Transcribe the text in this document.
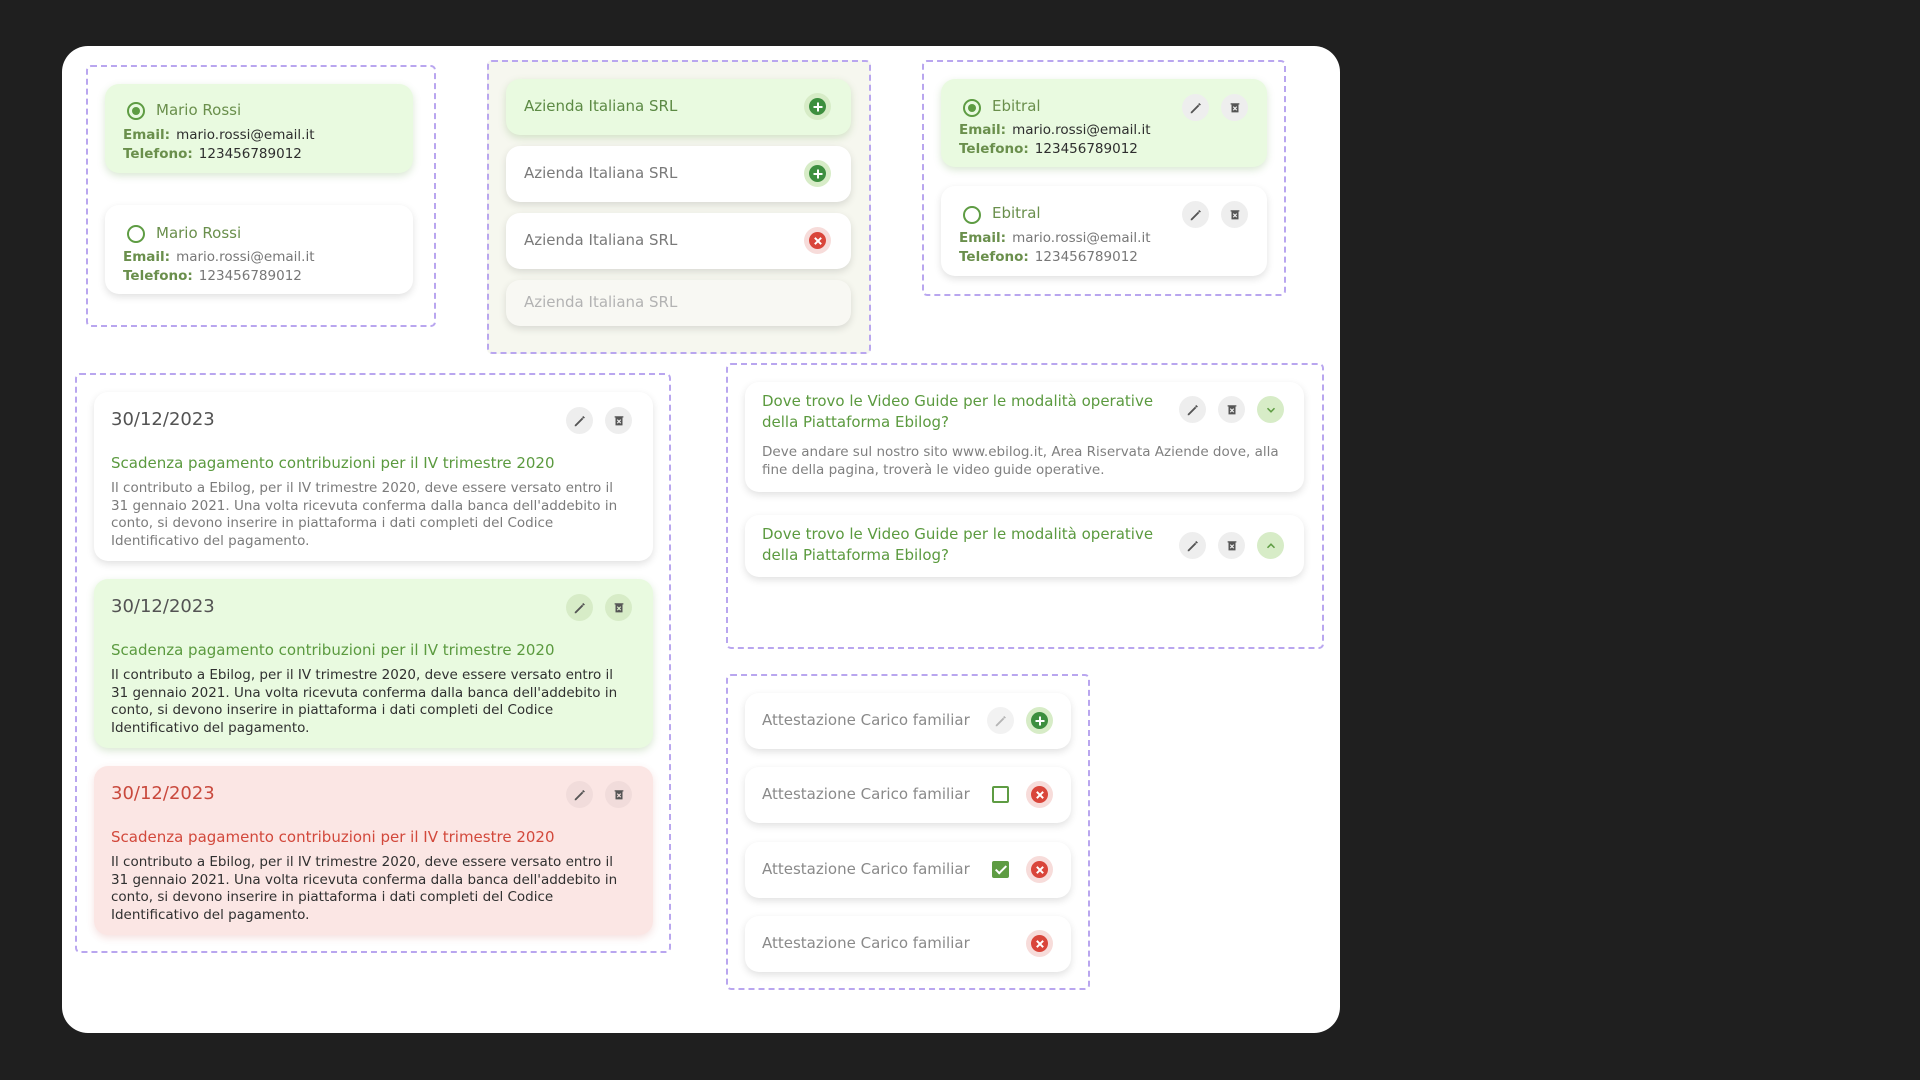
Mario Rossi
Email: mario.rossi@email.it
Telefono: 123456789012
Mario Rossi
Email: mario.rossi@email.it
Telefono: 123456789012
Azienda Italiana SRL
Azienda Italiana SRL
Azienda Italiana SRL
Azienda Italiana SRL
Ebitral
Email: mario.rossi@email.it
Telefono: 123456789012
Ebitral
Email: mario.rossi@email.it
Telefono: 123456789012
30/12/2023
Scadenza pagamento contribuzioni per il IV trimestre 2020
Il contributo a Ebilog, per il IV trimestre 2020, deve essere versato entro il 31 gennaio 2021. Una volta ricevuta conferma dalla banca dell'addebito in conto, si devono inserire in piattaforma i dati completi del Codice Identificativo del pagamento.
30/12/2023
Scadenza pagamento contribuzioni per il IV trimestre 2020
Il contributo a Ebilog, per il IV trimestre 2020, deve essere versato entro il 31 gennaio 2021. Una volta ricevuta conferma dalla banca dell'addebito in conto, si devono inserire in piattaforma i dati completi del Codice Identificativo del pagamento.
30/12/2023
Scadenza pagamento contribuzioni per il IV trimestre 2020
Il contributo a Ebilog, per il IV trimestre 2020, deve essere versato entro il 31 gennaio 2021. Una volta ricevuta conferma dalla banca dell'addebito in conto, si devono inserire in piattaforma i dati completi del Codice Identificativo del pagamento.
Dove trovo le Video Guide per le modalità operative della Piattaforma Ebilog?
Deve andare sul nostro sito www.ebilog.it, Area Riservata Aziende dove, alla fine della pagina, troverà le video guide operative.
Dove trovo le Video Guide per le modalità operative della Piattaforma Ebilog?
Attestazione Carico familiar
Attestazione Carico familiar
Attestazione Carico familiar
Attestazione Carico familiar
